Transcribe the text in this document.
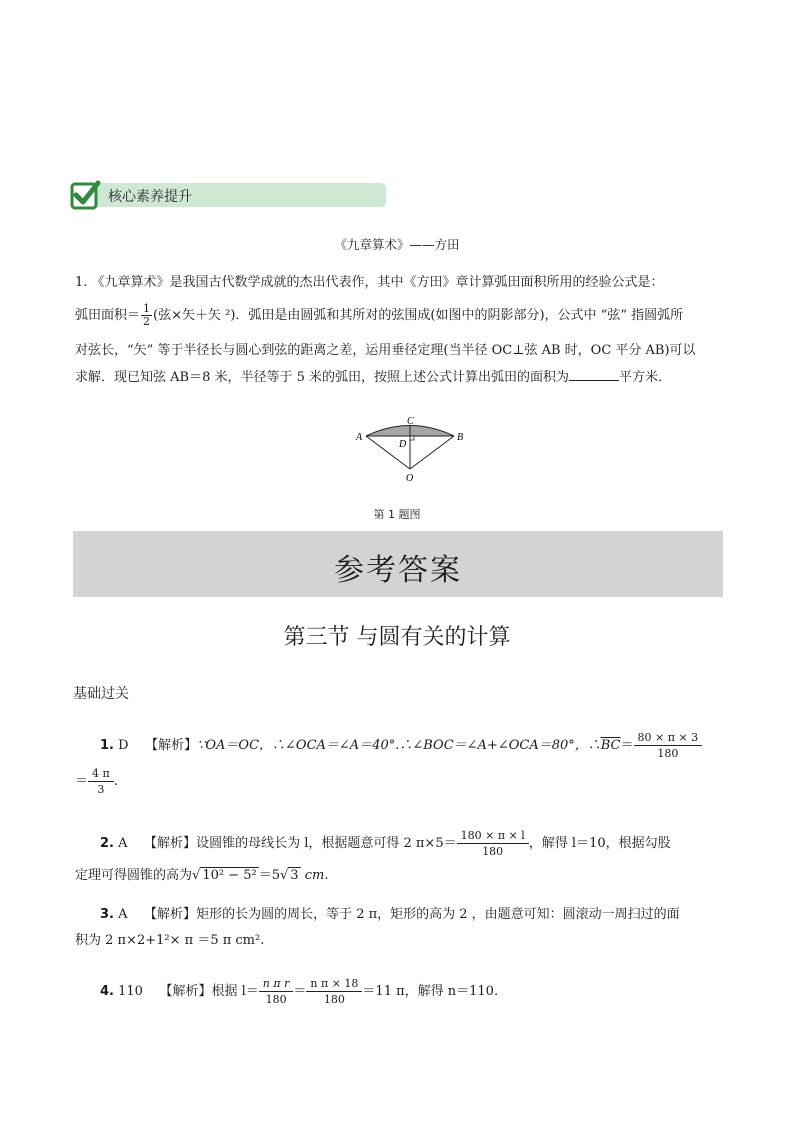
核心素养提升
《九章算术》——方田
1. 《九章算术》是我国古代数学成就的杰出代表作，其中《方田》章计算弧田面积所用的经验公式是：
弧田面积＝ $\frac{1}{2}$ (弦×矢＋矢 ²)．弧田是由圆弧和其所对的弦围成(如图中的阴影部分)，公式中 “弦” 指圆弧所
对弦长，“矢” 等于半径长与圆心到弦的距离之差，运用垂径定理(当半径 OC⊥弦 AB 时，OC 平分 AB)可以
求解．现已知弦 AB＝8 米，半径等于 5 米的弧田，按照上述公式计算出弧田的面积为	平方米．
A	B
C
D
O
第 1 题图
参考答案
第三节 与圆有关的计算
基础过关
1. D 【解析】∵OA＝OC，∴∠OCA＝∠A＝40°.∴∠BOC＝∠A+∠OCA＝80°，$\therefore\overline{BC}= \frac{80 \times \pi \times 3}{180}$
＝ $\frac{4 \pi}{3}$ .
2. A 【解析】设圆锥的母线长为 l，根据题意可得 2 $\pi\times 5= \frac{180 \times \pi \times l}{180}$ ，解得 l＝10，根据勾股
定理可得圆锥的高为√ 10² − 5² ＝5√ 3 cm.
3. A 【解析】矩形的长为圆的周长，等于 2 π，矩形的高为 2 ，由题意可知：圆滚动一周扫过的面
积为 2 π×2+1²× π ＝5 π cm².
4. 110 【解析】根据 $l= \frac{\text{n π r}}{180} = \frac{\text{n π × 18}}{180} =11$ π，解得 n＝110.
